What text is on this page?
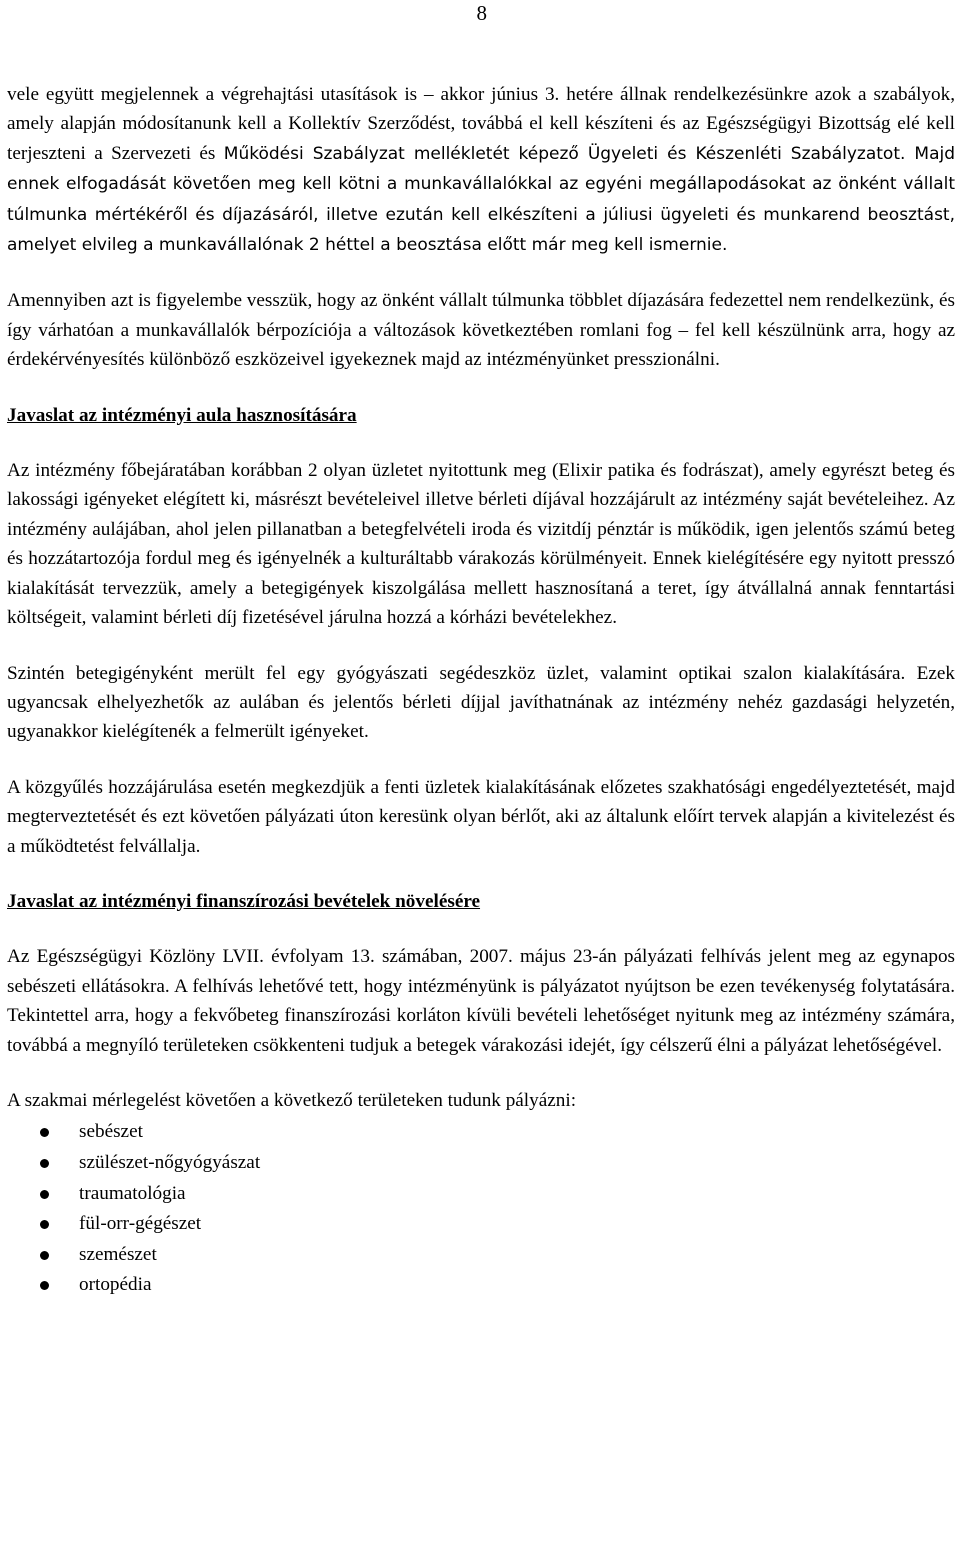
8

vele együtt megjelennek a végrehajtási utasítások is – akkor június 3. hetére állnak rendelkezésünkre azok a szabályok, amely alapján módosítanunk kell a Kollektív Szerződést, továbbá el kell készíteni és az Egészségügyi Bizottság elé kell terjeszteni a Szervezeti és Működési Szabályzat mellékletét képező Ügyeleti és Készenléti Szabályzatot. Majd ennek elfogadását követően meg kell kötni a munkavállalókkal az egyéni megállapodásokat az önként vállalt túlmunka mértékéről és díjazásáról, illetve ezután kell elkészíteni a júliusi ügyeleti és munkarend beosztást, amelyet elvileg a munkavállalónak 2 héttel a beosztása előtt már meg kell ismernie.

Amennyiben azt is figyelembe vesszük, hogy az önként vállalt túlmunka többlet díjazására fedezettel nem rendelkezünk, és így várhatóan a munkavállalók bérpozíciója a változások következtében romlani fog – fel kell készülnünk arra, hogy az érdekérvényesítés különböző eszközeivel igyekeznek majd az intézményünket presszionálni.

Javaslat az intézményi aula hasznosítására

Az intézmény főbejáratában korábban 2 olyan üzletet nyitottunk meg (Elixir patika és fodrászat), amely egyrészt beteg és lakossági igényeket elégített ki, másrészt bevételeivel illetve bérleti díjával hozzájárult az intézmény saját bevételeihez. Az intézmény aulájában, ahol jelen pillanatban a betegfelvételi iroda és vizitdíj pénztár is működik, igen jelentős számú beteg és hozzátartozója fordul meg és igényelnék a kulturáltabb várakozás körülményeit. Ennek kielégítésére egy nyitott presszó kialakítását tervezzük, amely a betegigények kiszolgálása mellett hasznosítaná a teret, így átvállalná annak fenntartási költségeit, valamint bérleti díj fizetésével járulna hozzá a kórházi bevételekhez.

Szintén betegigényként merült fel egy gyógyászati segédeszköz üzlet, valamint optikai szalon kialakítására. Ezek ugyancsak elhelyezhetők az aulában és jelentős bérleti díjjal javíthatnának az intézmény nehéz gazdasági helyzetén, ugyanakkor kielégítenék a felmerült igényeket.

A közgyűlés hozzájárulása esetén megkezdjük a fenti üzletek kialakításának előzetes szakhatósági engedélyeztetését, majd megterveztetését és ezt követően pályázati úton keresünk olyan bérlőt, aki az általunk előírt tervek alapján a kivitelezést és a működtetést felvállalja.

Javaslat az intézményi finanszírozási bevételek növelésére

Az Egészségügyi Közlöny LVII. évfolyam 13. számában, 2007. május 23-án pályázati felhívás jelent meg az egynapos sebészeti ellátásokra. A felhívás lehetővé tett, hogy intézményünk is pályázatot nyújtson be ezen tevékenység folytatására. Tekintettel arra, hogy a fekvőbeteg finanszírozási korláton kívüli bevételi lehetőséget nyitunk meg az intézmény számára, továbbá a megnyíló területeken csökkenteni tudjuk a betegek várakozási idejét, így célszerű élni a pályázat lehetőségével.

A szakmai mérlegelést követően a következő területeken tudunk pályázni:

sebészet
szülészet-nőgyógyászat
traumatológia
fül-orr-gégészet
szemészet
ortopédia
